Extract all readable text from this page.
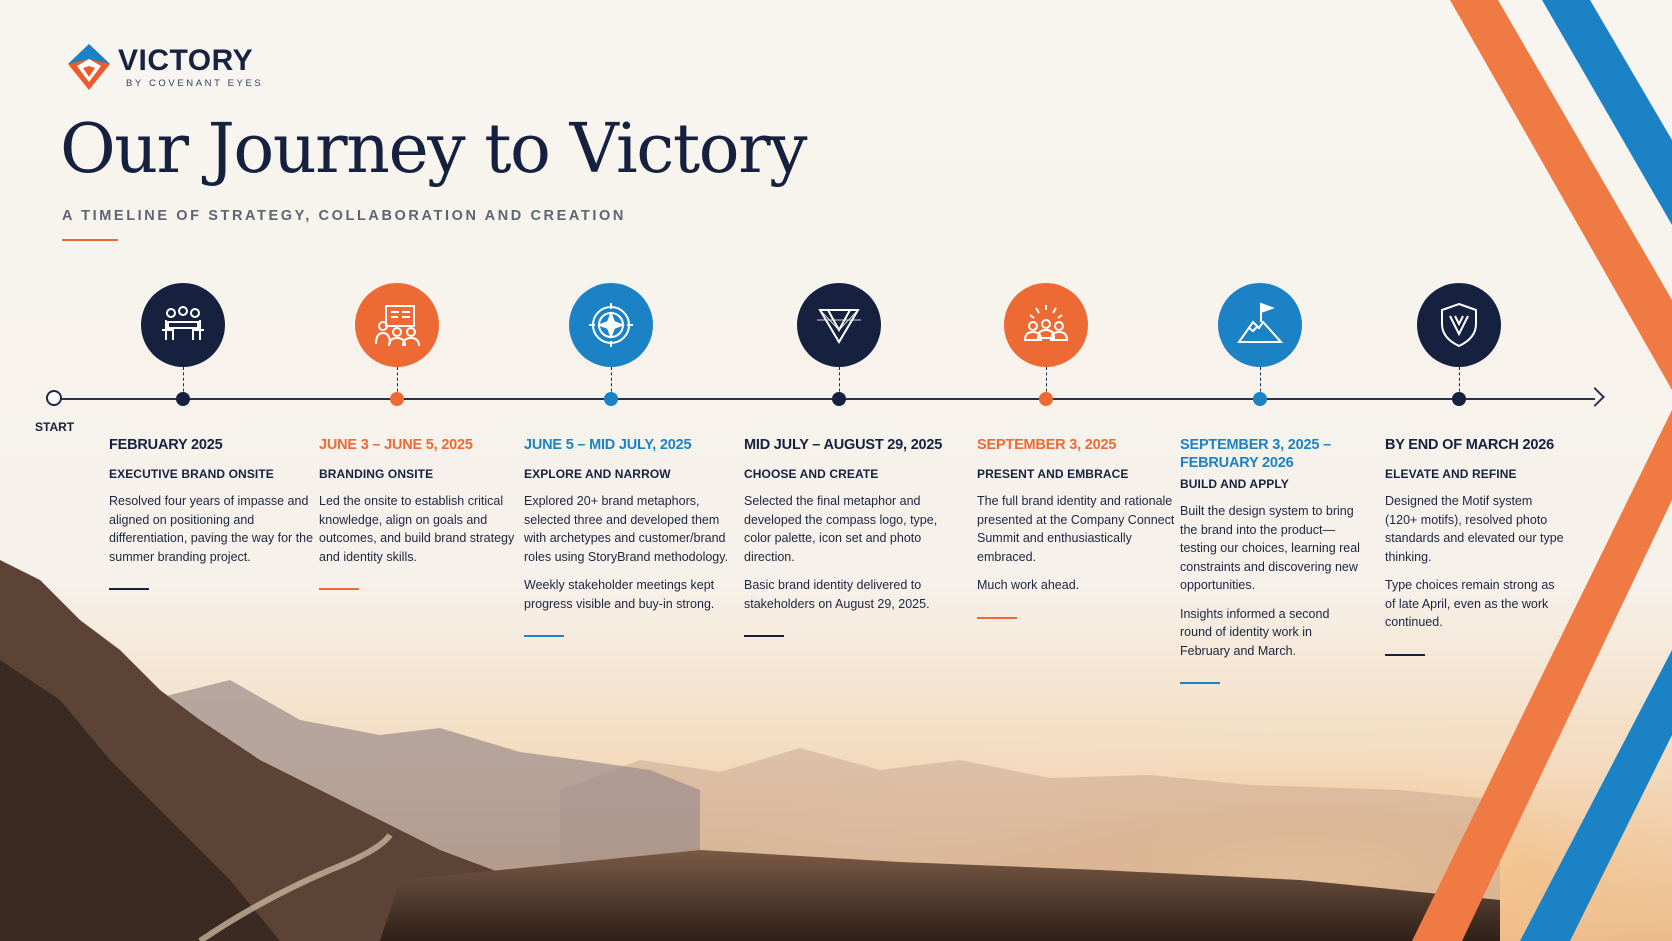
VICTORY
BY COVENANT EYES
Our Journey to Victory
A TIMELINE OF STRATEGY, COLLABORATION AND CREATION
START
FEBRUARY 2025
EXECUTIVE BRAND ONSITE
Resolved four years of impasse and aligned on positioning and differentiation, paving the way for the summer branding project.
JUNE 3 – JUNE 5, 2025
BRANDING ONSITE
Led the onsite to establish critical knowledge, align on goals and outcomes, and build brand strategy and identity skills.
JUNE 5 – MID JULY, 2025
EXPLORE AND NARROW
Explored 20+ brand metaphors, selected three and developed them with archetypes and customer/brand roles using StoryBrand methodology.
Weekly stakeholder meetings kept progress visible and buy-in strong.
MID JULY – AUGUST 29, 2025
CHOOSE AND CREATE
Selected the final metaphor and developed the compass logo, type, color palette, icon set and photo direction.
Basic brand identity delivered to stakeholders on August 29, 2025.
SEPTEMBER 3, 2025
PRESENT AND EMBRACE
The full brand identity and rationale presented at the Company Connect Summit and enthusiastically embraced.
Much work ahead.
SEPTEMBER 3, 2025 – FEBRUARY 2026
BUILD AND APPLY
Built the design system to bring the brand into the product—testing our choices, learning real constraints and discovering new opportunities.
Insights informed a second round of identity work in February and March.
BY END OF MARCH 2026
ELEVATE AND REFINE
Designed the Motif system (120+ motifs), resolved photo standards and elevated our type thinking.
Type choices remain strong as of late April, even as the work continued.
